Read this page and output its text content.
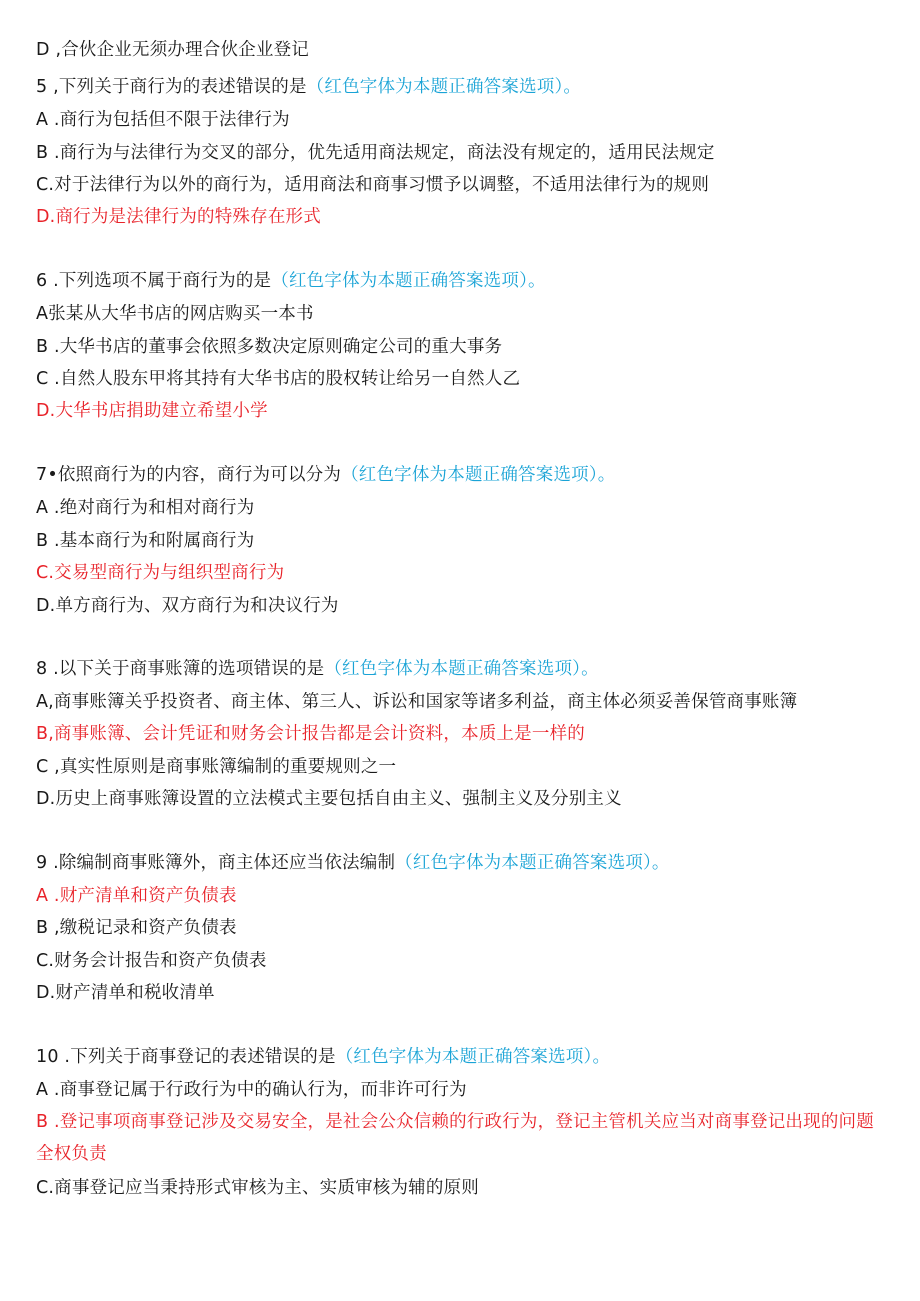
D ,合伙企业无须办理合伙企业登记
5 ,下列关于商行为的表述错误的是（红色字体为本题正确答案选项）。
A .商行为包括但不限于法律行为
B .商行为与法律行为交叉的部分，优先适用商法规定，商法没有规定的，适用民法规定
C.对于法律行为以外的商行为，适用商法和商事习惯予以调整，不适用法律行为的规则
D.商行为是法律行为的特殊存在形式
6 .下列选项不属于商行为的是（红色字体为本题正确答案选项）。
A张某从大华书店的网店购买一本书
B .大华书店的董事会依照多数决定原则确定公司的重大事务
C .自然人股东甲将其持有大华书店的股权转让给另一自然人乙
D.大华书店捐助建立希望小学
7•依照商行为的内容，商行为可以分为（红色字体为本题正确答案选项）。
A .绝对商行为和相对商行为
B .基本商行为和附属商行为
C.交易型商行为与组织型商行为
D.单方商行为、双方商行为和决议行为
8 .以下关于商事账簿的选项错误的是（红色字体为本题正确答案选项）。
A,商事账簿关乎投资者、商主体、第三人、诉讼和国家等诸多利益，商主体必须妥善保管商事账簿
B,商事账簿、会计凭证和财务会计报告都是会计资料，本质上是一样的
C ,真实性原则是商事账簿编制的重要规则之一
D.历史上商事账簿设置的立法模式主要包括自由主义、强制主义及分别主义
9 .除编制商事账簿外，商主体还应当依法编制（红色字体为本题正确答案选项）。
A .财产清单和资产负债表
B ,缴税记录和资产负债表
C.财务会计报告和资产负债表
D.财产清单和税收清单
10 .下列关于商事登记的表述错误的是（红色字体为本题正确答案选项）。
A .商事登记属于行政行为中的确认行为，而非许可行为
B .登记事项商事登记涉及交易安全，是社会公众信赖的行政行为，登记主管机关应当对商事登记出现的问题全权负责
C.商事登记应当秉持形式审核为主、实质审核为辅的原则
